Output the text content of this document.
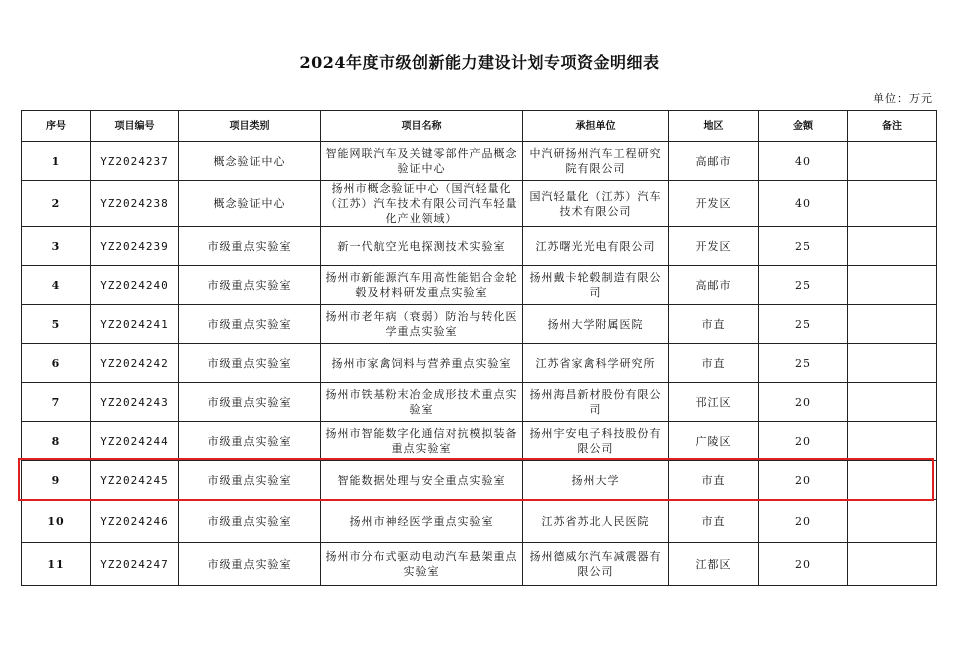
2024年度市级创新能力建设计划专项资金明细表
单位：万元
序号	项目编号	项目类别	项目名称	承担单位	地区	金额	备注
1	YZ2024237	概念验证中心	智能网联汽车及关键零部件产品概念验证中心	中汽研扬州汽车工程研究院有限公司	高邮市	40	
2	YZ2024238	概念验证中心	扬州市概念验证中心（国汽轻量化（江苏）汽车技术有限公司汽车轻量化产业领域）	国汽轻量化（江苏）汽车技术有限公司	开发区	40	
3	YZ2024239	市级重点实验室	新一代航空光电探测技术实验室	江苏曙光光电有限公司	开发区	25	
4	YZ2024240	市级重点实验室	扬州市新能源汽车用高性能铝合金轮毂及材料研发重点实验室	扬州戴卡轮毂制造有限公司	高邮市	25	
5	YZ2024241	市级重点实验室	扬州市老年病（衰弱）防治与转化医学重点实验室	扬州大学附属医院	市直	25	
6	YZ2024242	市级重点实验室	扬州市家禽饲料与营养重点实验室	江苏省家禽科学研究所	市直	25	
7	YZ2024243	市级重点实验室	扬州市铁基粉末冶金成形技术重点实验室	扬州海昌新材股份有限公司	邗江区	20	
8	YZ2024244	市级重点实验室	扬州市智能数字化通信对抗模拟装备重点实验室	扬州宇安电子科技股份有限公司	广陵区	20	
9	YZ2024245	市级重点实验室	智能数据处理与安全重点实验室	扬州大学	市直	20	
10	YZ2024246	市级重点实验室	扬州市神经医学重点实验室	江苏省苏北人民医院	市直	20	
11	YZ2024247	市级重点实验室	扬州市分布式驱动电动汽车悬架重点实验室	扬州德威尔汽车减震器有限公司	江都区	20	
